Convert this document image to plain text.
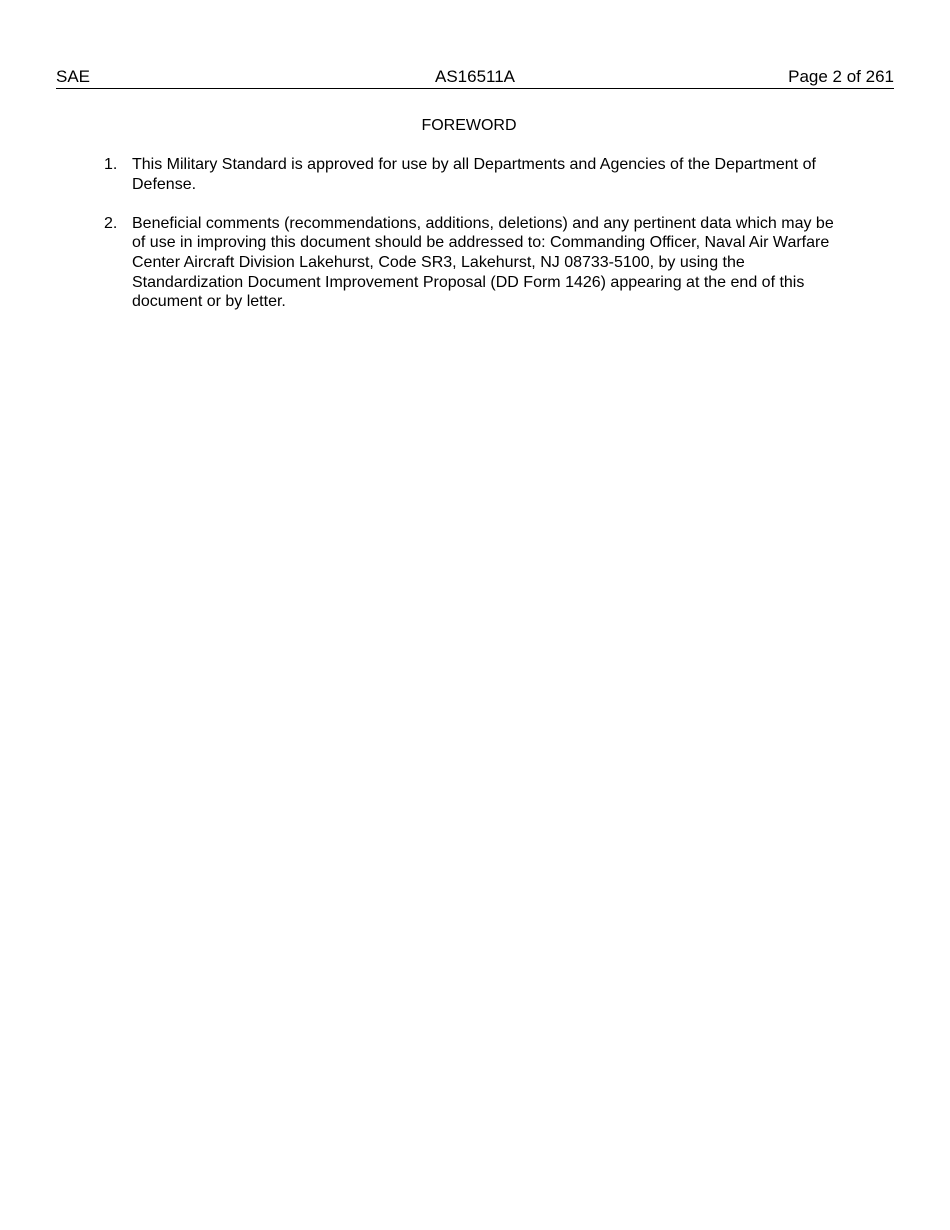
SAE	AS16511A	Page 2 of 261
FOREWORD
1. This Military Standard is approved for use by all Departments and Agencies of the Department of Defense.
2. Beneficial comments (recommendations, additions, deletions) and any pertinent data which may be of use in improving this document should be addressed to: Commanding Officer, Naval Air Warfare Center Aircraft Division Lakehurst, Code SR3, Lakehurst, NJ 08733-5100, by using the Standardization Document Improvement Proposal (DD Form 1426) appearing at the end of this document or by letter.
